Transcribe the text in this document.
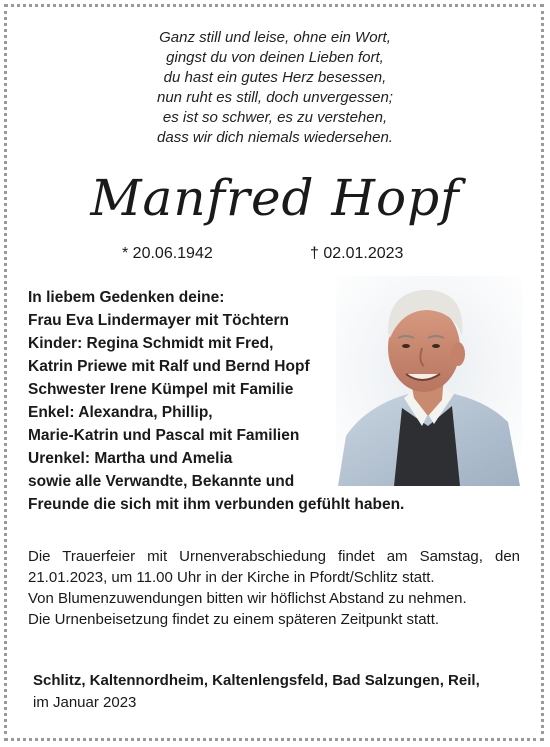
Ganz still und leise, ohne ein Wort,
gingst du von deinen Lieben fort,
du hast ein gutes Herz besessen,
nun ruht es still, doch unvergessen;
es ist so schwer, es zu verstehen,
dass wir dich niemals wiedersehen.
Manfred Hopf
* 20.06.1942	† 02.01.2023
In liebem Gedenken deine:
Frau Eva Lindermayer mit Töchtern
Kinder: Regina Schmidt mit Fred,
Katrin Priewe mit Ralf und Bernd Hopf
Schwester Irene Kümpel mit Familie
Enkel: Alexandra, Phillip,
Marie-Katrin und Pascal mit Familien
Urenkel: Martha und Amelia
sowie alle Verwandte, Bekannte und
Freunde die sich mit ihm verbunden gefühlt haben.
Die Trauerfeier mit Urnenverabschiedung findet am Samstag, den
21.01.2023, um 11.00 Uhr in der Kirche in Pfordt/Schlitz statt.
Von Blumenzuwendungen bitten wir höflichst Abstand zu nehmen.
Die Urnenbeisetzung findet zu einem späteren Zeitpunkt statt.
Schlitz, Kaltennordheim, Kaltenlengsfeld, Bad Salzungen, Reil,
im Januar 2023
